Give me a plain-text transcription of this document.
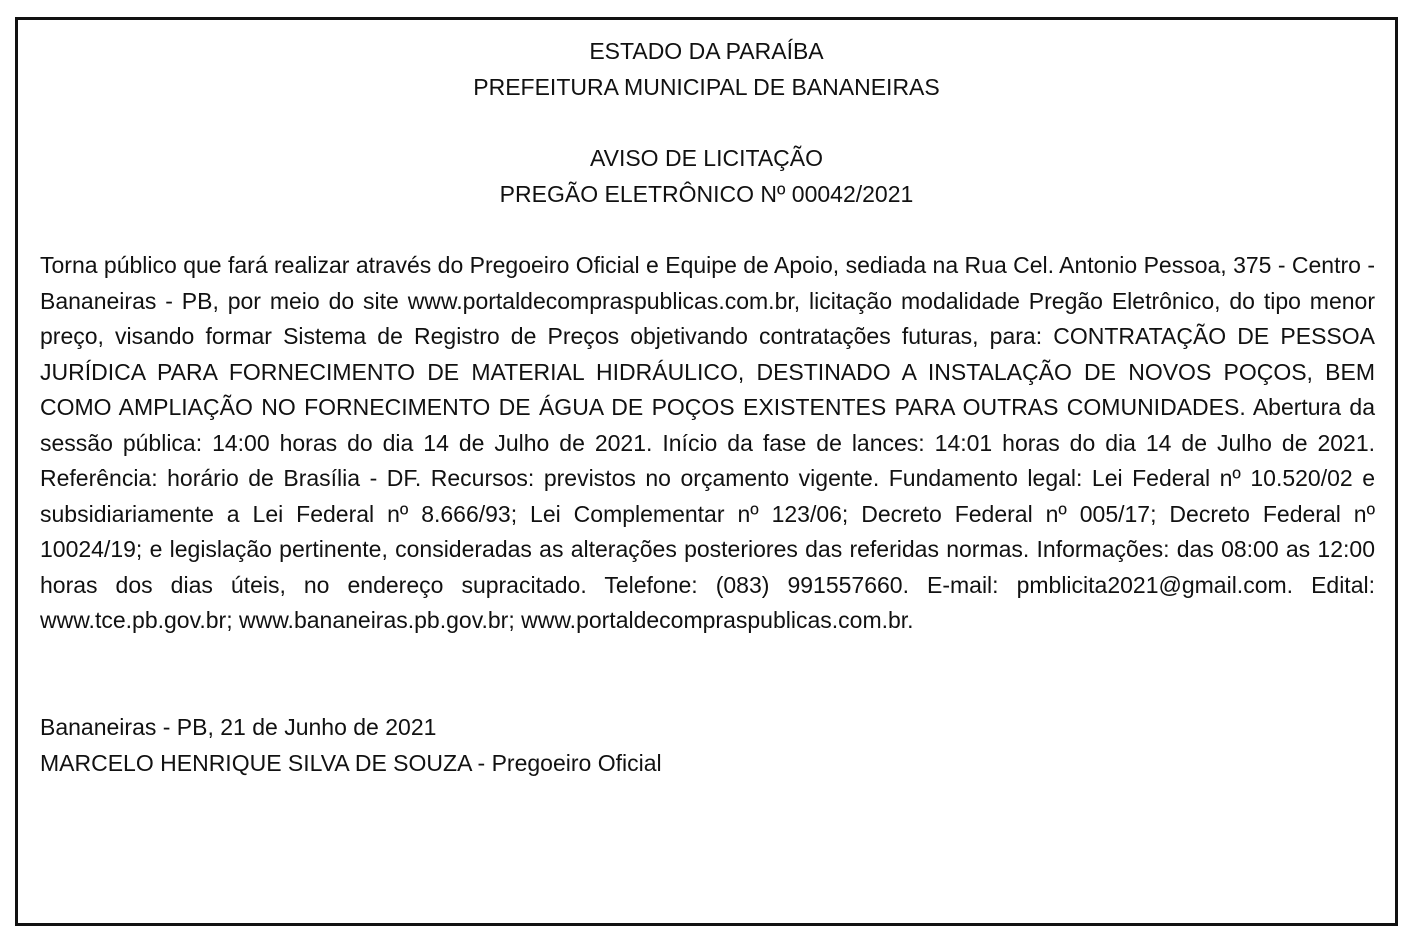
ESTADO DA PARAÍBA
PREFEITURA MUNICIPAL DE BANANEIRAS
AVISO DE LICITAÇÃO
PREGÃO ELETRÔNICO Nº 00042/2021
Torna público que fará realizar através do Pregoeiro Oficial e Equipe de Apoio, sediada na Rua Cel. Antonio Pessoa, 375 - Centro - Bananeiras - PB, por meio do site www.portaldecompraspublicas.com.br, licitação modalidade Pregão Eletrônico, do tipo menor preço, visando formar Sistema de Registro de Preços objetivando contratações futuras, para: CONTRATAÇÃO DE PESSOA JURÍDICA PARA FORNECIMENTO DE MATERIAL HIDRÁULICO, DESTINADO A INSTALAÇÃO DE NOVOS POÇOS, BEM COMO AMPLIAÇÃO NO FORNECIMENTO DE ÁGUA DE POÇOS EXISTENTES PARA OUTRAS COMUNIDADES. Abertura da sessão pública: 14:00 horas do dia 14 de Julho de 2021. Início da fase de lances: 14:01 horas do dia 14 de Julho de 2021. Referência: horário de Brasília - DF. Recursos: previstos no orçamento vigente. Fundamento legal: Lei Federal nº 10.520/02 e subsidiariamente a Lei Federal nº 8.666/93; Lei Complementar nº 123/06; Decreto Federal nº 005/17; Decreto Federal nº 10024/19; e legislação pertinente, consideradas as alterações posteriores das referidas normas. Informações: das 08:00 as 12:00 horas dos dias úteis, no endereço supracitado. Telefone: (083) 991557660. E-mail: pmblicita2021@gmail.com. Edital: www.tce.pb.gov.br; www.bananeiras.pb.gov.br; www.portaldecompraspublicas.com.br.
Bananeiras - PB, 21 de Junho de 2021
MARCELO HENRIQUE SILVA DE SOUZA - Pregoeiro Oficial
